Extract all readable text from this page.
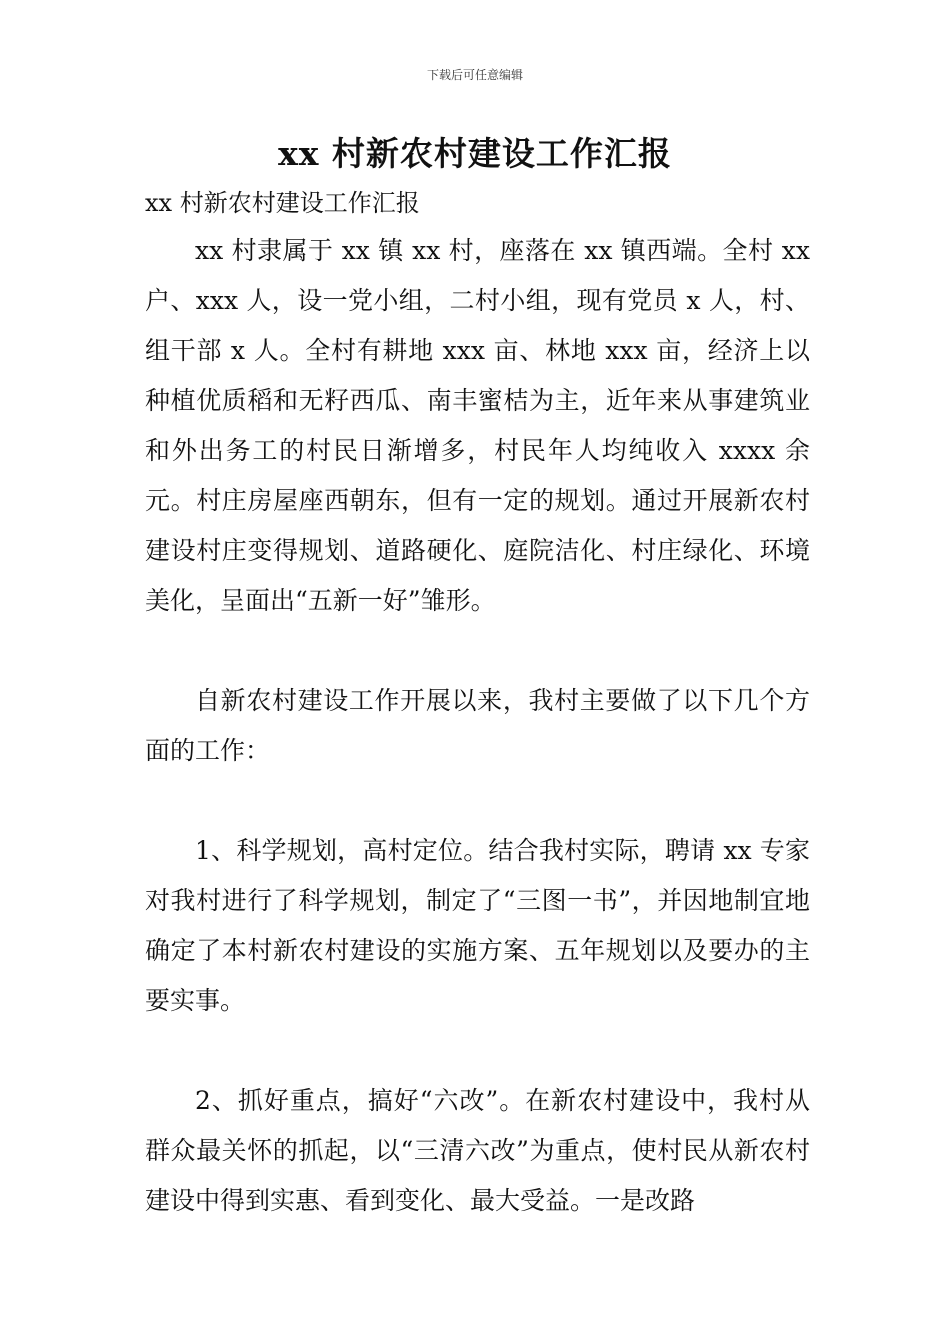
下载后可任意编辑
xx 村新农村建设工作汇报
xx 村新农村建设工作汇报

xx 村隶属于 xx 镇 xx 村，座落在 xx 镇西端。全村 xx 户、xxx 人，设一党小组，二村小组，现有党员 x 人，村、组干部 x 人。全村有耕地 xxx 亩、林地 xxx 亩，经济上以种植优质稻和无籽西瓜、南丰蜜桔为主，近年来从事建筑业和外出务工的村民日渐增多，村民年人均纯收入 xxxx 余元。村庄房屋座西朝东，但有一定的规划。通过开展新农村建设村庄变得规划、道路硬化、庭院洁化、村庄绿化、环境美化，呈面出“五新一好”雏形。

自新农村建设工作开展以来，我村主要做了以下几个方面的工作：

1、科学规划，高村定位。结合我村实际，聘请 xx 专家对我村进行了科学规划，制定了“三图一书”，并因地制宜地确定了本村新农村建设的实施方案、五年规划以及要办的主要实事。

2、抓好重点，搞好“六改”。在新农村建设中，我村从群众最关怀的抓起，以“三清六改”为重点，使村民从新农村建设中得到实惠、看到变化、最大受益。一是改路
